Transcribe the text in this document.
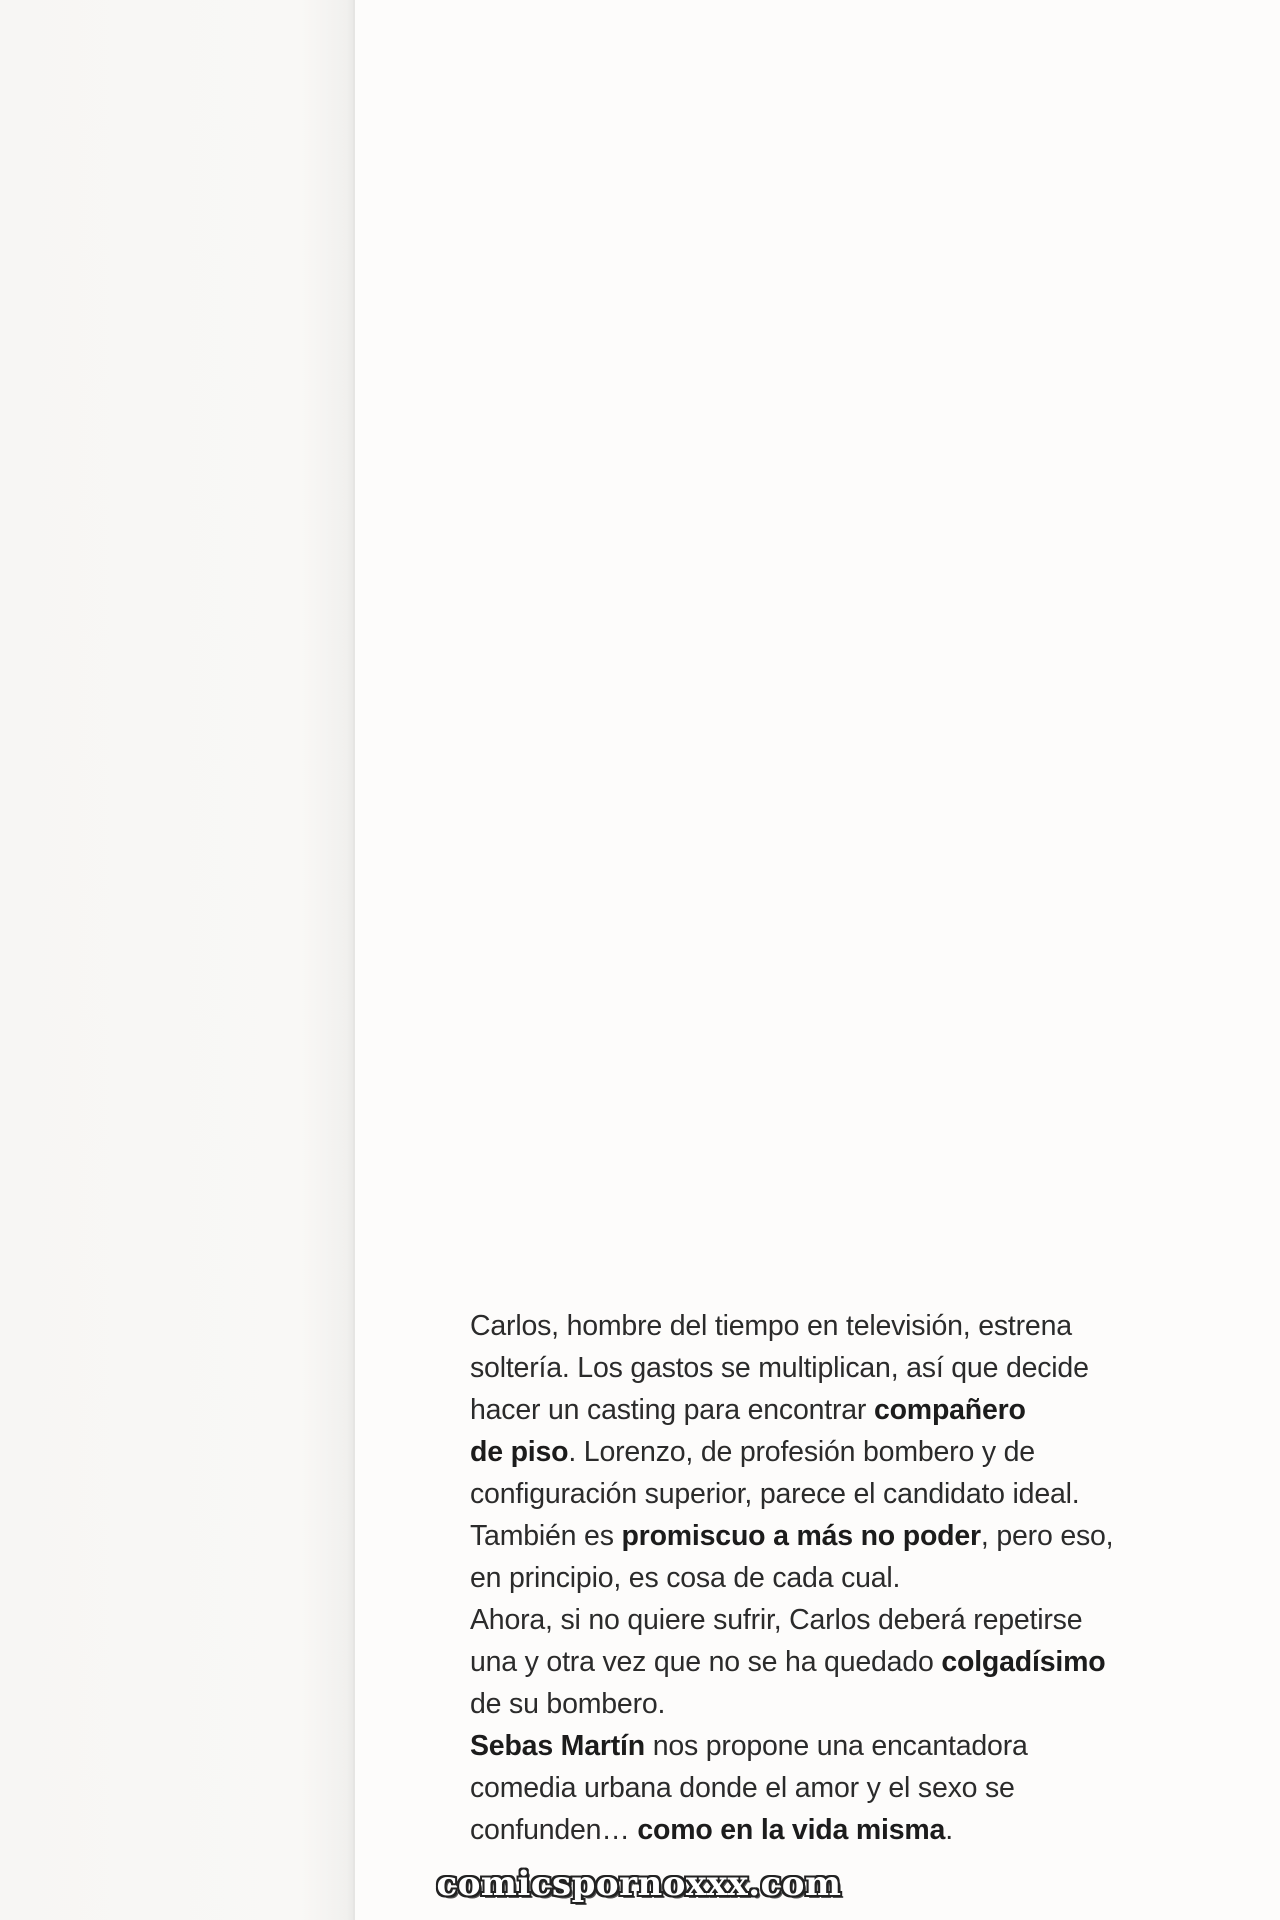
Carlos, hombre del tiempo en televisión, estrena
soltería. Los gastos se multiplican, así que decide
hacer un casting para encontrar compañero
de piso. Lorenzo, de profesión bombero y de
configuración superior, parece el candidato ideal.
También es promiscuo a más no poder, pero eso,
en principio, es cosa de cada cual.
Ahora, si no quiere sufrir, Carlos deberá repetirse
una y otra vez que no se ha quedado colgadísimo
de su bombero.
Sebas Martín nos propone una encantadora
comedia urbana donde el amor y el sexo se
confunden… como en la vida misma.
comicspornoxxx.com
